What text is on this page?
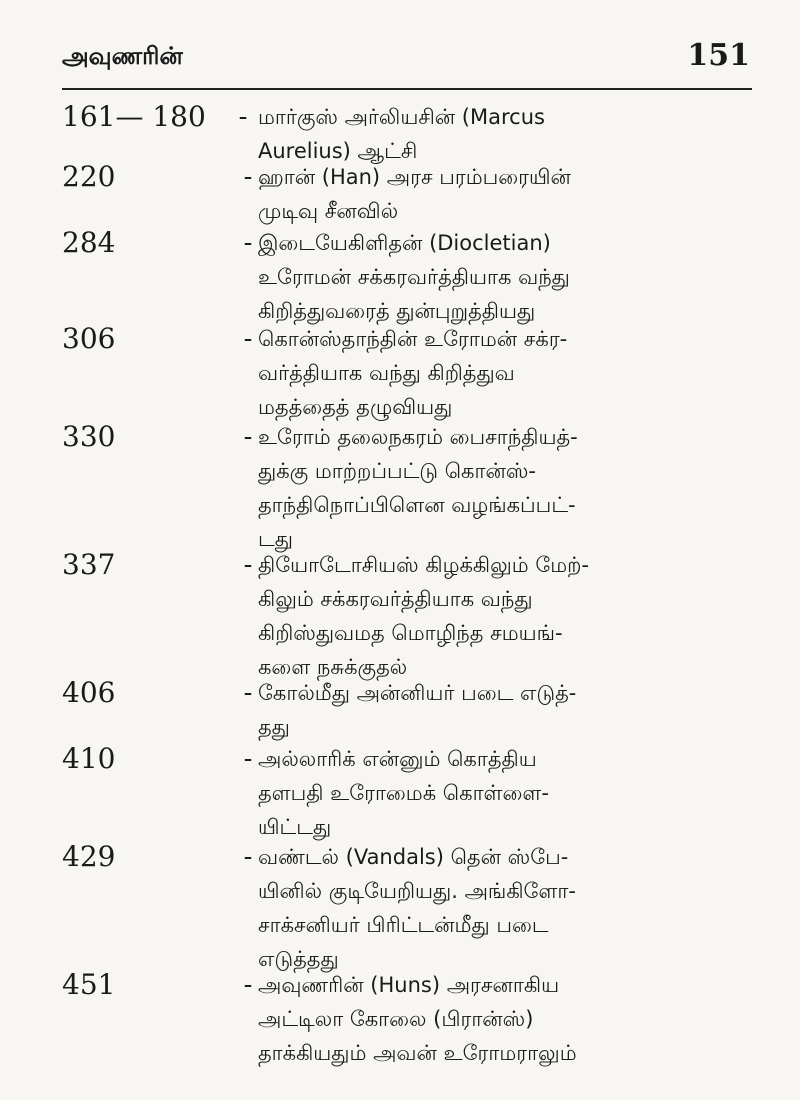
அவுணரின்	151
161— 180	- மார்குஸ் அர்லியசின் (Marcus
Aurelius) ஆட்சி
220	- ஹான் (Han) அரச பரம்பரையின்
முடிவு சீனவில்
284	- இடையேகிளிதன் (Diocletian)
உரோமன் சக்கரவர்த்தியாக வந்து
கிறித்துவரைத் துன்புறுத்தியது
306	- கொன்ஸ்தாந்தின் உரோமன் சக்ர-
வர்த்தியாக வந்து கிறித்துவ
மதத்தைத் தழுவியது
330	- உரோம் தலைநகரம் பைசாந்தியத்-
துக்கு மாற்றப்பட்டு கொன்ஸ்-
தாந்திநொப்பிளென வழங்கப்பட்-
டது
337	- தியோடோசியஸ் கிழக்கிலும் மேற்-
கிலும் சக்கரவர்த்தியாக வந்து
கிறிஸ்துவமத மொழிந்த சமயங்-
களை நசுக்குதல்
406	- கோல்மீது அன்னியர் படை எடுத்-
தது
410	- அல்லாரிக் என்னும் கொத்திய
தளபதி உரோமைக் கொள்ளை-
யிட்டது
429	- வண்டல் (Vandals) தென் ஸ்பே-
யினில் குடியேறியது. அங்கிளோ-
சாக்சனியர் பிரிட்டன்மீது படை
எடுத்தது
451	- அவுணரின் (Huns) அரசனாகிய
அட்டிலா கோலை (பிரான்ஸ்)
தாக்கியதும் அவன் உரோமராலும்
